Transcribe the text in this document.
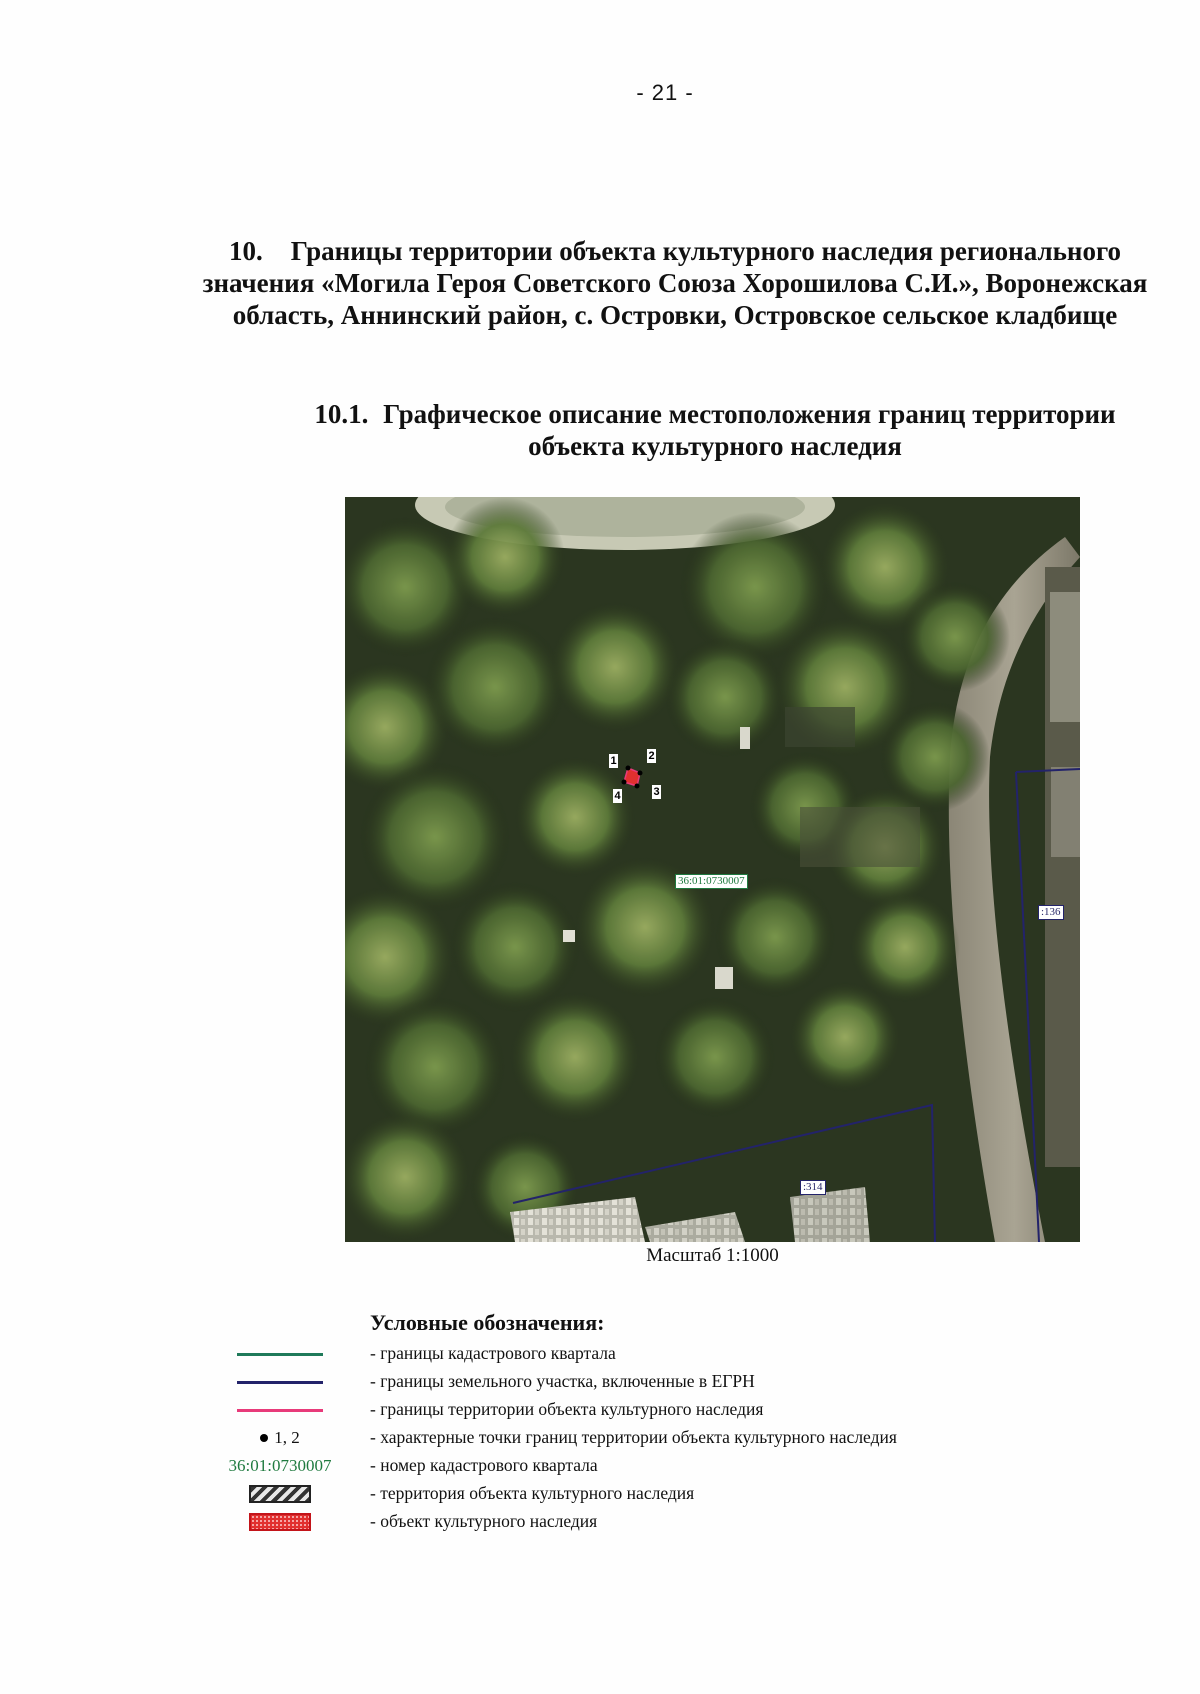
- 21 -
10. Границы территории объекта культурного наследия регионального значения «Могила Героя Советского Союза Хорошилова С.И.», Воронежская область, Аннинский район, с. Островки, Островское сельское кладбище
10.1. Графическое описание местоположения границ территории объекта культурного наследия
1	2
3
4
36:01:0730007
:136
:314
Масштаб 1:1000
Условные обозначения:
- границы кадастрового квартала
- границы земельного участка, включенные в ЕГРН
- границы территории объекта культурного наследия
1, 2	- характерные точки границ территории объекта культурного наследия
36:01:0730007 - номер кадастрового квартала
- территория объекта культурного наследия
- объект культурного наследия
